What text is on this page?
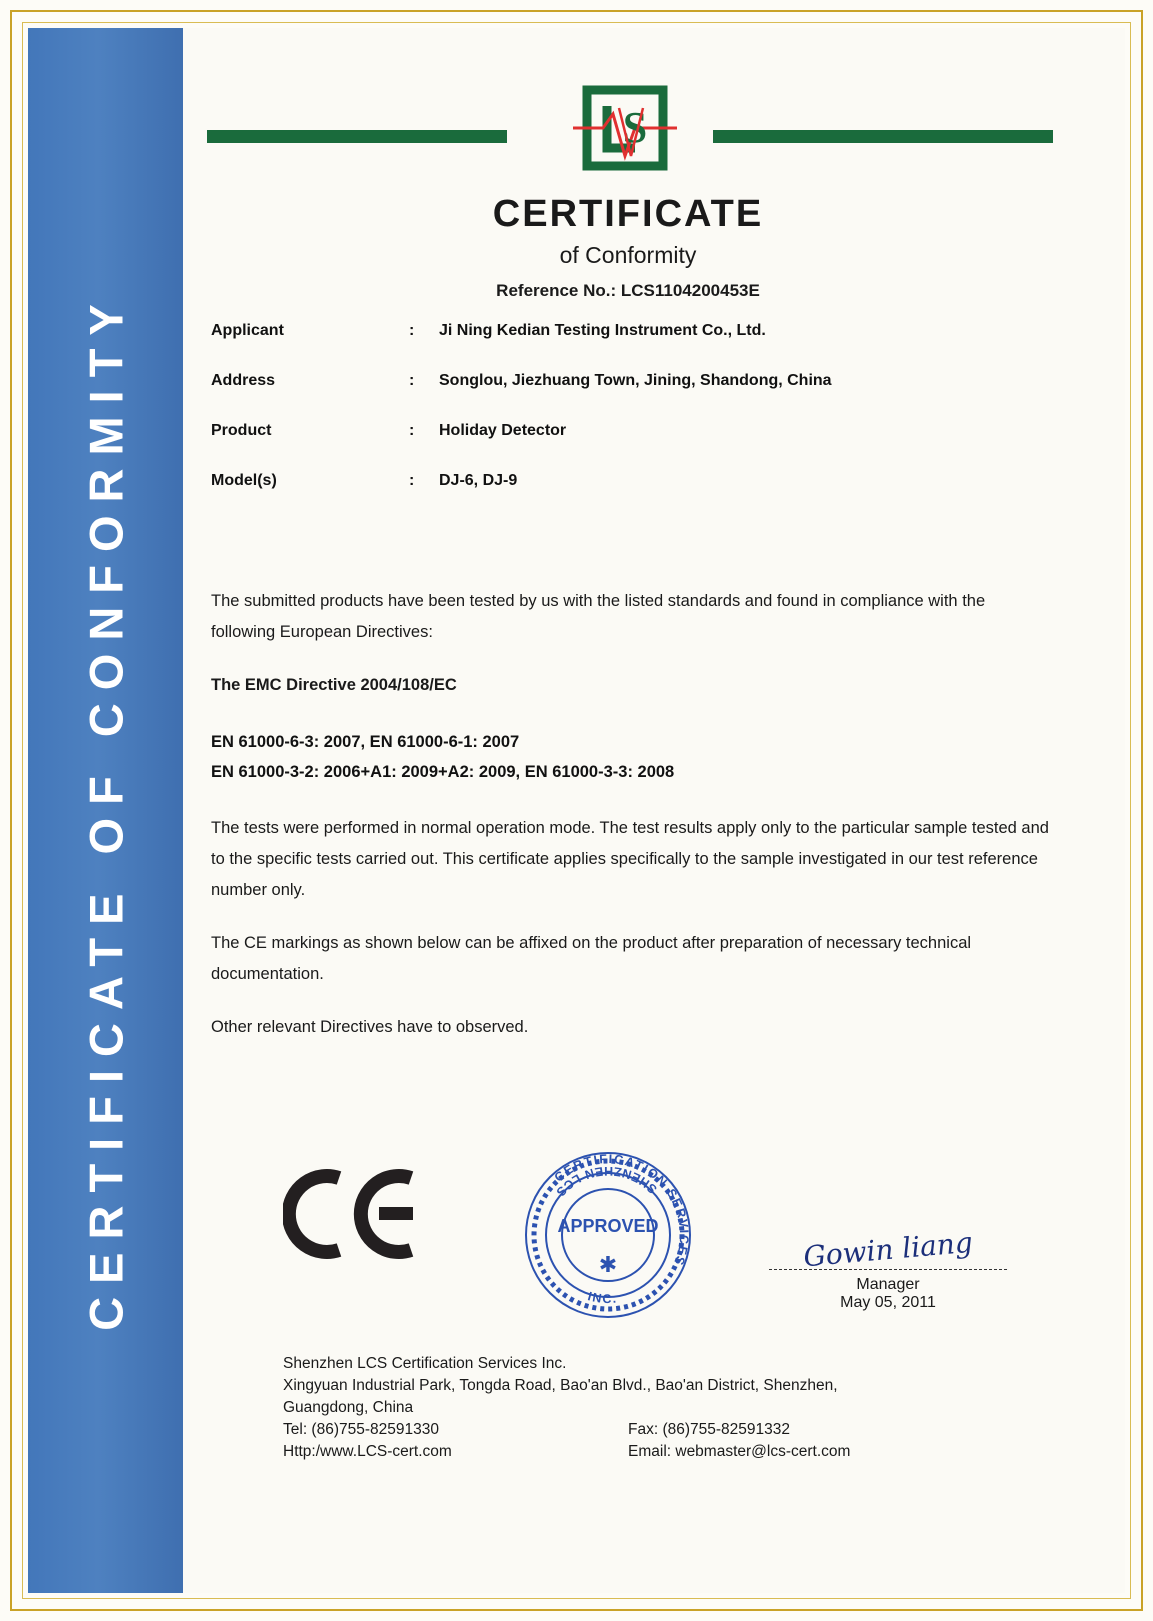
CERTIFICATE OF CONFORMITY
S
CERTIFICATE
of Conformity
Reference No.: LCS1104200453E
Applicant	:	Ji Ning Kedian Testing Instrument Co., Ltd.
Address	:	Songlou, Jiezhuang Town, Jining, Shandong, China
Product	:	Holiday Detector
Model(s)	:	DJ-6, DJ-9
The submitted products have been tested by us with the listed standards and found in compliance with the following European Directives:
The EMC Directive 2004/108/EC
EN 61000-6-3: 2007, EN 61000-6-1: 2007
EN 61000-3-2: 2006+A1: 2009+A2: 2009, EN 61000-3-3: 2008
The tests were performed in normal operation mode. The test results apply only to the particular sample tested and to the specific tests carried out. This certificate applies specifically to the sample investigated in our test reference number only.
The CE markings as shown below can be affixed on the product after preparation of necessary technical documentation.
Other relevant Directives have to observed.
CERTIFICATION SERVICES
SHENZHEN LCS
INC.
APPROVED
✱	Gowin liang
Manager
May 05, 2011
Shenzhen LCS Certification Services Inc.
Xingyuan Industrial Park, Tongda Road, Bao'an Blvd., Bao'an District, Shenzhen,
Guangdong, China
Tel: (86)755-82591330	Fax: (86)755-82591332
Http:/www.LCS-cert.com	Email: webmaster@lcs-cert.com
